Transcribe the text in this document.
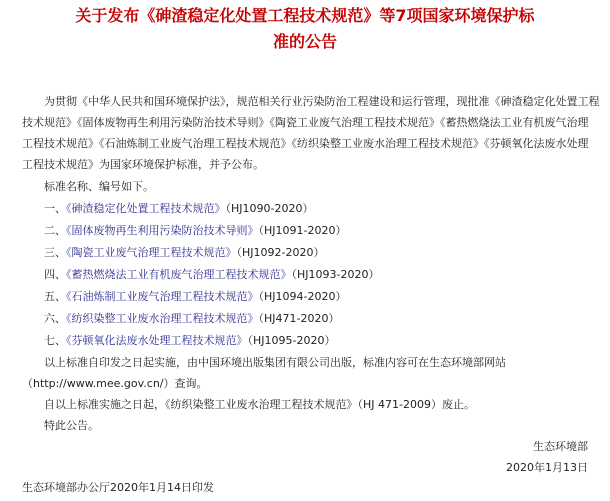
关于发布《砷渣稳定化处置工程技术规范》等7项国家环境保护标
准的公告
为贯彻《中华人民共和国环境保护法》，规范相关行业污染防治工程建设和运行管理，现批准《砷渣稳定化处置工程
技术规范》《固体废物再生利用污染防治技术导则》《陶瓷工业废气治理工程技术规范》《蓄热燃烧法工业有机废气治理
工程技术规范》《石油炼制工业废气治理工程技术规范》《纺织染整工业废水治理工程技术规范》《芬顿氧化法废水处理
工程技术规范》为国家环境保护标准，并予公布。
标准名称、编号如下。
一、《砷渣稳定化处置工程技术规范》（HJ1090-2020）
二、《固体废物再生利用污染防治技术导则》（HJ1091-2020）
三、《陶瓷工业废气治理工程技术规范》（HJ1092-2020）
四、《蓄热燃烧法工业有机废气治理工程技术规范》（HJ1093-2020）
五、《石油炼制工业废气治理工程技术规范》（HJ1094-2020）
六、《纺织染整工业废水治理工程技术规范》（HJ471-2020）
七、《芬顿氧化法废水处理工程技术规范》（HJ1095-2020）
以上标准自印发之日起实施，由中国环境出版集团有限公司出版，标准内容可在生态环境部网站
（http://www.mee.gov.cn/）查询。
自以上标准实施之日起，《纺织染整工业废水治理工程技术规范》（HJ 471-2009）废止。
特此公告。
生态环境部
2020年1月13日
生态环境部办公厅2020年1月14日印发
